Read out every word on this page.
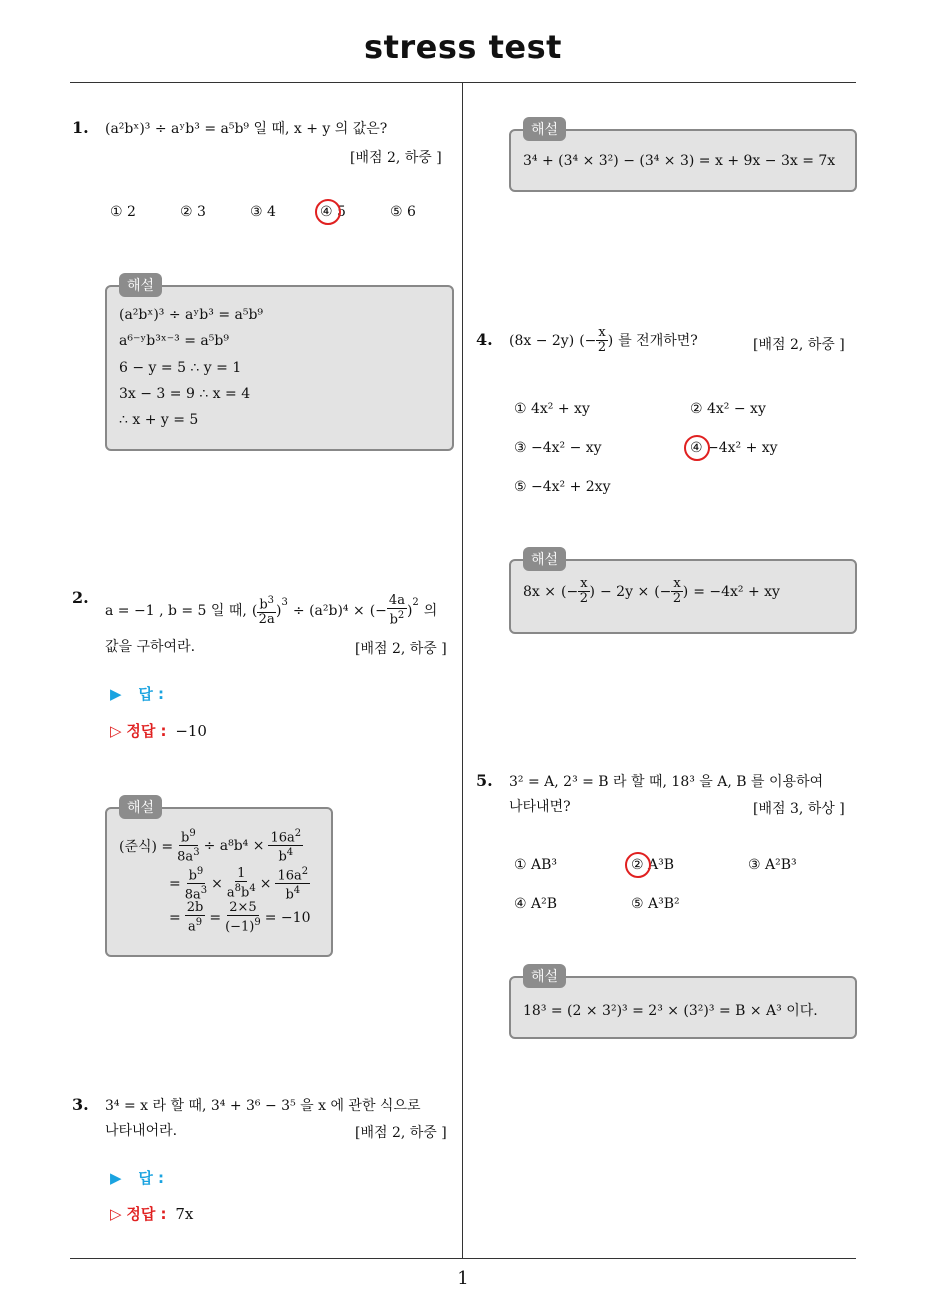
stress test
1
1. (a²bˣ)³ ÷ aʸb³ = a⁵b⁹ 일 때, x + y 의 값은?
[배점 2, 하중 ]
① 2	② 3	③ 4	④ 5	⑤ 6
(a²bˣ)³ ÷ aʸb³ = a⁵b⁹
a⁶⁻ʸb³ˣ⁻³ = a⁵b⁹
6 − y = 5 ∴ y = 1
3x − 3 = 9 ∴ x = 4
∴ x + y = 5
해설
2.
a = −1 , b = 5 일 때, ( $\frac{b^3}{2a}$ )
$^3$
÷ (a²b)⁴ × (− $\frac{4a}{b^2}$ )
$^2$
의
값을 구하여라.	[배점 2, 하중 ]
▶ 답 :
▷ 정답 : −10
(준식) = $\frac{b^9}{8a^3} \div a^8b^4 \times \frac{16a^2}{b^4}$
= $\frac{b^9}{8a^3} \times \frac{1}{a^8b^4} \times \frac{16a^2}{b^4}$
= $\frac{2b}{a^9} = \frac{2\times 5}{(-1)^9} = -10$
해설
3. 3⁴ = x 라 할 때, 3⁴ + 3⁶ − 3⁵ 을 x 에 관한 식으로
나타내어라.	[배점 2, 하중 ]
▶ 답 :
▷ 정답 : 7x
3⁴ + (3⁴ × 3²) − (3⁴ × 3) = x + 9x − 3x = 7x
해설
4. (8x − 2y) (− $\frac{x}{2}$ ) 를 전개하면?	[배점 2, 하중 ]
① 4x² + xy	② 4x² − xy
③ −4x² − xy	④ −4x² + xy
⑤ −4x² + 2xy
8x × (− $\frac{x}{2}$ ) − 2y × (− $\frac{x}{2}$ ) = −4x² + xy
해설
5. 3² = A, 2³ = B 라 할 때, 18³ 을 A, B 를 이용하여
나타내면?	[배점 3, 하상 ]
① AB³	② A³B	③ A²B³
④ A²B	⑤ A³B²
18³ = (2 × 3²)³ = 2³ × (3²)³ = B × A³ 이다.
해설
